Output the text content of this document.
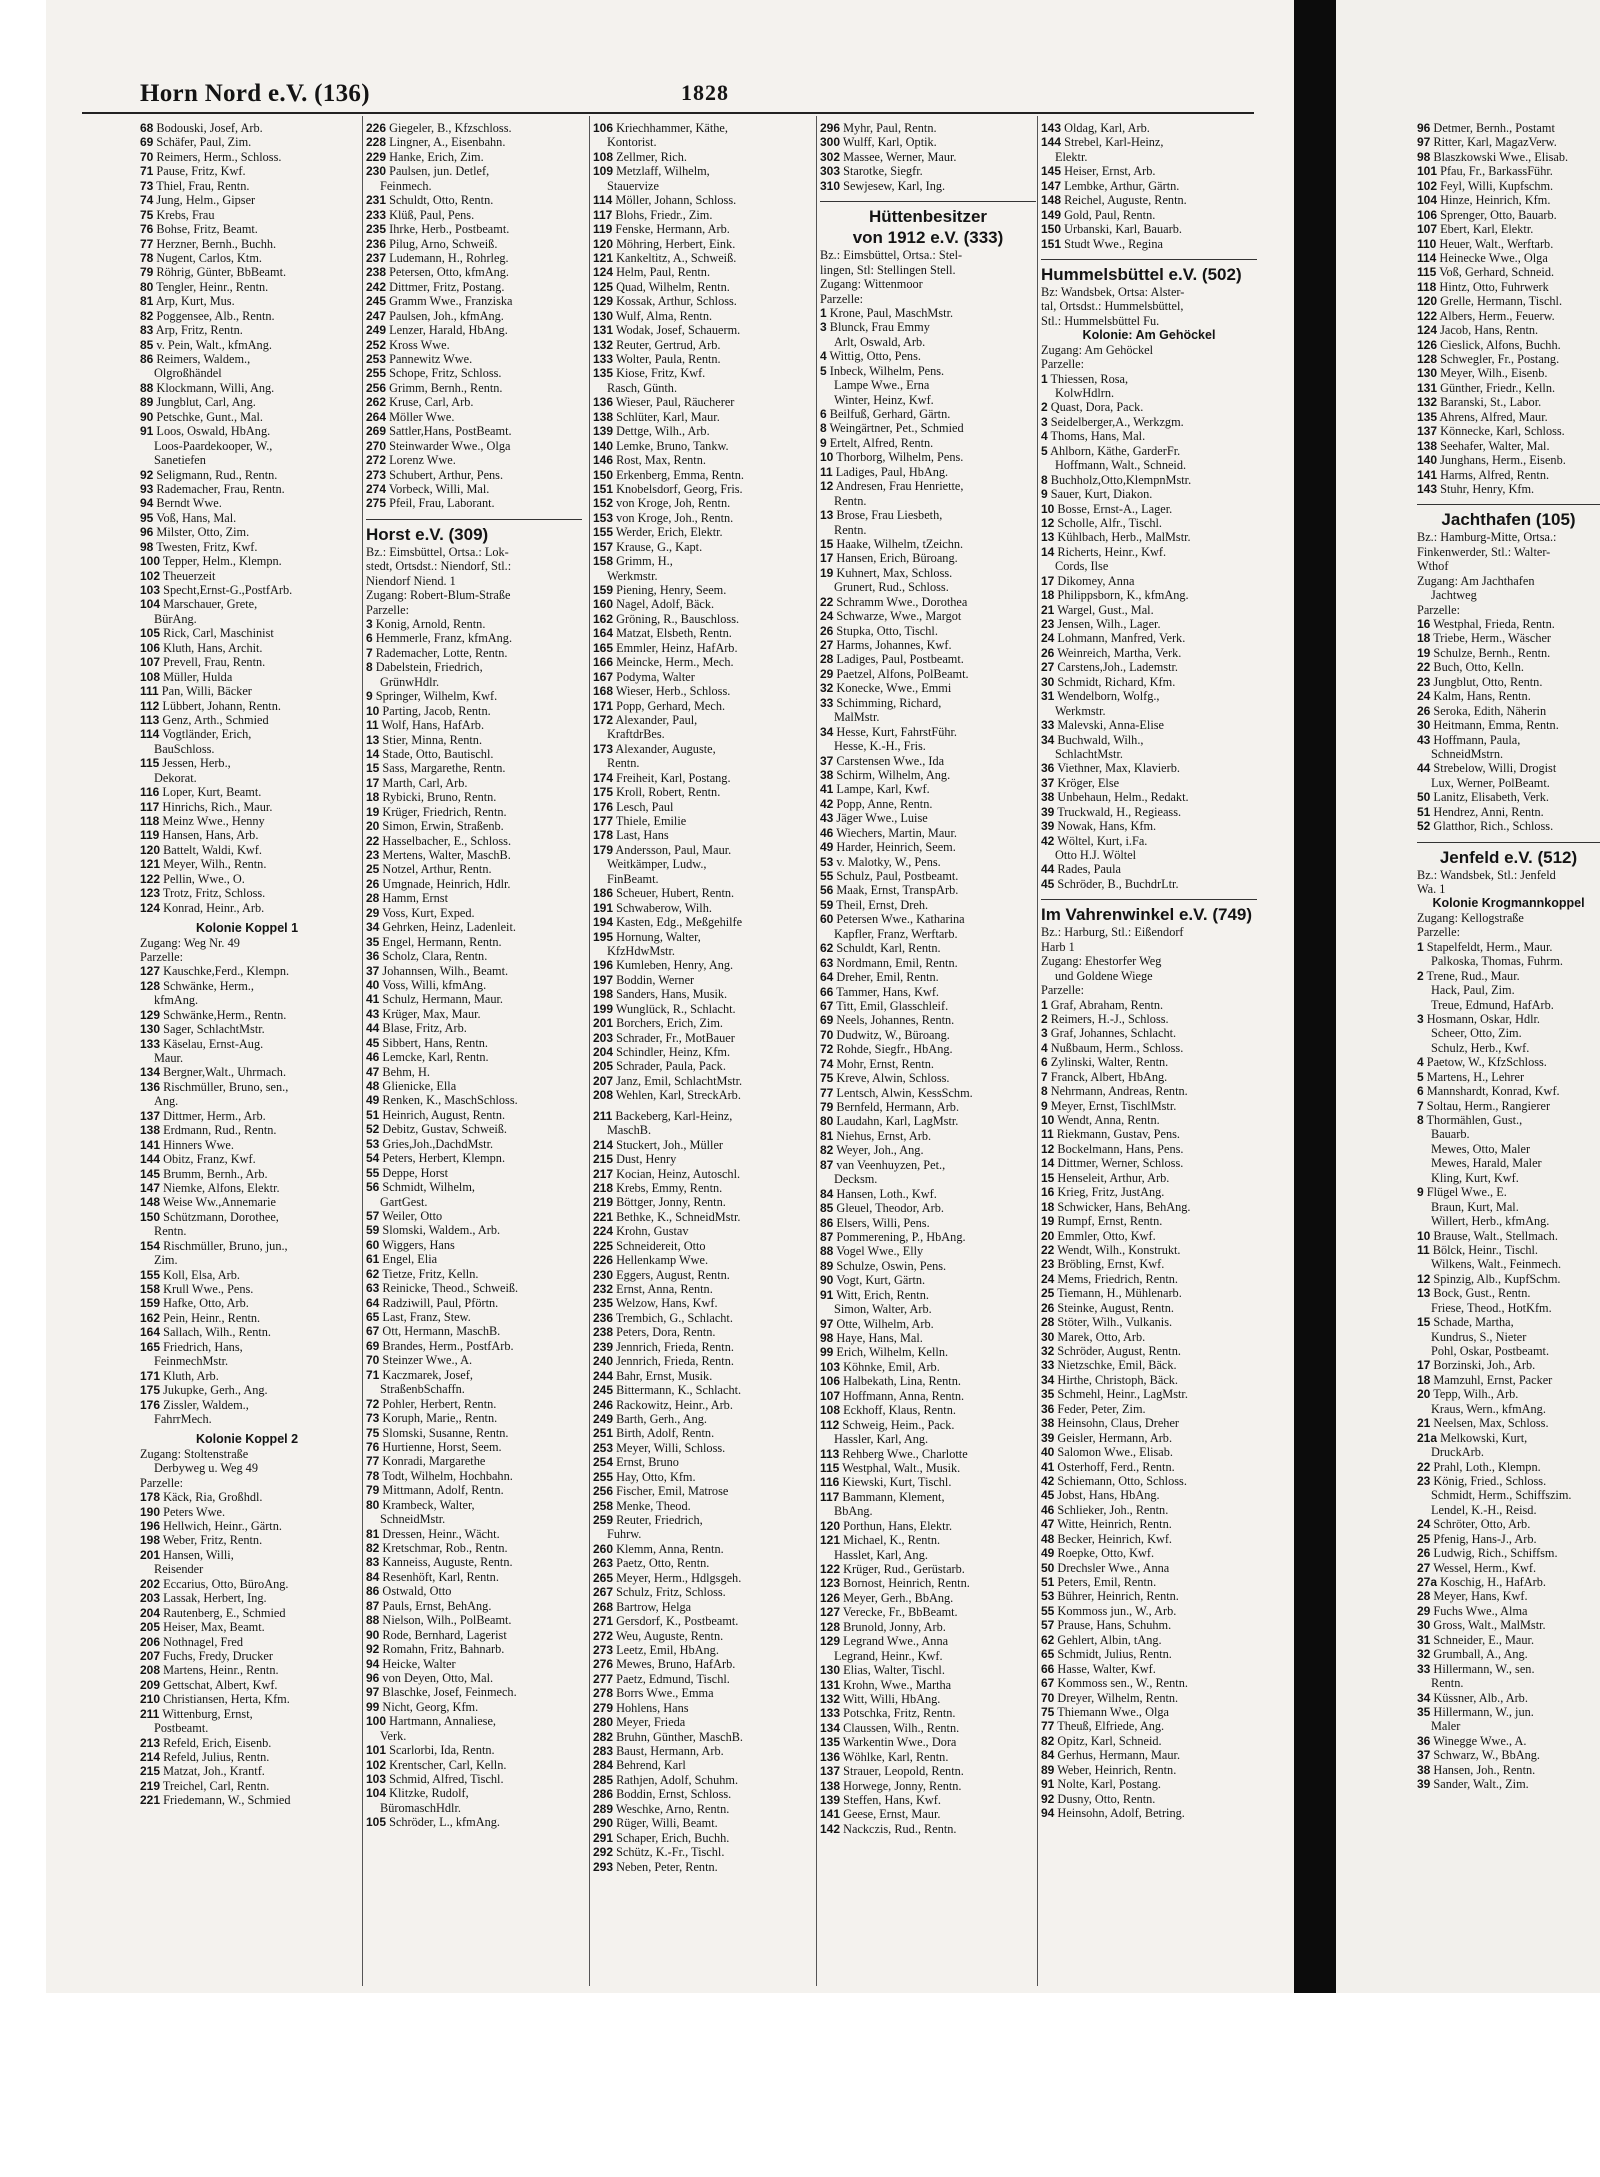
Horn Nord e.V. (136)	1828
68 Bodouski, Josef, Arb.
69 Schäfer, Paul, Zim.
70 Reimers, Herm., Schloss.
71 Pause, Fritz, Kwf.
73 Thiel, Frau, Rentn.
74 Jung, Helm., Gipser
75 Krebs, Frau
76 Bohse, Fritz, Beamt.
77 Herzner, Bernh., Buchh.
78 Nugent, Carlos, Ktm.
79 Röhrig, Günter, BbBeamt.
80 Tengler, Heinr., Rentn.
81 Arp, Kurt, Mus.
82 Poggensee, Alb., Rentn.
83 Arp, Fritz, Rentn.
85 v. Pein, Walt., kfmAng.
86 Reimers, Waldem.,
Olgroßhändel
88 Klockmann, Willi, Ang.
89 Jungblut, Carl, Ang.
90 Petschke, Gunt., Mal.
91 Loos, Oswald, HbAng.
Loos-Paardekooper, W.,
Sanetiefen
92 Seligmann, Rud., Rentn.
93 Rademacher, Frau, Rentn.
94 Berndt Wwe.
95 Voß, Hans, Mal.
96 Milster, Otto, Zim.
98 Twesten, Fritz, Kwf.
100 Tepper, Helm., Klempn.
102 Theuerzeit
103 Specht,Ernst-G.,PostfArb.
104 Marschauer, Grete,
BürAng.
105 Rick, Carl, Maschinist
106 Kluth, Hans, Archit.
107 Prevell, Frau, Rentn.
108 Müller, Hulda
111 Pan, Willi, Bäcker
112 Lübbert, Johann, Rentn.
113 Genz, Arth., Schmied
114 Vogtländer, Erich,
BauSchloss.
115 Jessen, Herb.,
Dekorat.
116 Loper, Kurt, Beamt.
117 Hinrichs, Rich., Maur.
118 Meinz Wwe., Henny
119 Hansen, Hans, Arb.
120 Battelt, Waldi, Kwf.
121 Meyer, Wilh., Rentn.
122 Pellin, Wwe., O.
123 Trotz, Fritz, Schloss.
124 Konrad, Heinr., Arb.
Kolonie Koppel 1
Zugang: Weg Nr. 49
Parzelle:
127 Kauschke,Ferd., Klempn.
128 Schwänke, Herm.,
kfmAng.
129 Schwänke,Herm., Rentn.
130 Sager, SchlachtMstr.
133 Käselau, Ernst-Aug.
Maur.
134 Bergner,Walt., Uhrmach.
136 Rischmüller, Bruno, sen.,
Ang.
137 Dittmer, Herm., Arb.
138 Erdmann, Rud., Rentn.
141 Hinners Wwe.
144 Obitz, Franz, Kwf.
145 Brumm, Bernh., Arb.
147 Niemke, Alfons, Elektr.
148 Weise Ww.,Annemarie
150 Schützmann, Dorothee,
Rentn.
154 Rischmüller, Bruno, jun.,
Zim.
155 Koll, Elsa, Arb.
158 Krull Wwe., Pens.
159 Hafke, Otto, Arb.
162 Pein, Heinr., Rentn.
164 Sallach, Wilh., Rentn.
165 Friedrich, Hans,
FeinmechMstr.
171 Kluth, Arb.
175 Jukupke, Gerh., Ang.
176 Zissler, Waldem.,
FahrrMech.
Kolonie Koppel 2
Zugang: Stoltenstraße
Derbyweg u. Weg 49
Parzelle:
178 Käck, Ria, Großhdl.
190 Peters Wwe.
196 Hellwich, Heinr., Gärtn.
198 Weber, Fritz, Rentn.
201 Hansen, Willi,
Reisender
202 Eccarius, Otto, BüroAng.
203 Lassak, Herbert, Ing.
204 Rautenberg, E., Schmied
205 Heiser, Max, Beamt.
206 Nothnagel, Fred
207 Fuchs, Fredy, Drucker
208 Martens, Heinr., Rentn.
209 Gettschat, Albert, Kwf.
210 Christiansen, Herta, Kfm.
211 Wittenburg, Ernst,
Postbeamt.
213 Refeld, Erich, Eisenb.
214 Refeld, Julius, Rentn.
215 Matzat, Joh., Krantf.
219 Treichel, Carl, Rentn.
221 Friedemann, W., Schmied
226 Giegeler, B., Kfzschloss.
228 Lingner, A., Eisenbahn.
229 Hanke, Erich, Zim.
230 Paulsen, jun. Detlef,
Feinmech.
231 Schuldt, Otto, Rentn.
233 Klüß, Paul, Pens.
235 Ihrke, Herb., Postbeamt.
236 Pilug, Arno, Schweiß.
237 Ludemann, H., Rohrleg.
238 Petersen, Otto, kfmAng.
242 Dittmer, Fritz, Postang.
245 Gramm Wwe., Franziska
247 Paulsen, Joh., kfmAng.
249 Lenzer, Harald, HbAng.
252 Kross Wwe.
253 Pannewitz Wwe.
255 Schope, Fritz, Schloss.
256 Grimm, Bernh., Rentn.
262 Kruse, Carl, Arb.
264 Möller Wwe.
269 Sattler,Hans, PostBeamt.
270 Steinwarder Wwe., Olga
272 Lorenz Wwe.
273 Schubert, Arthur, Pens.
274 Vorbeck, Willi, Mal.
275 Pfeil, Frau, Laborant.
Horst e.V. (309)
Bz.: Eimsbüttel, Ortsa.: Lok-
stedt, Ortsdst.: Niendorf, Stl.:
Niendorf Niend. 1
Zugang: Robert-Blum-Straße
Parzelle:
3 Konig, Arnold, Rentn.
6 Hemmerle, Franz, kfmAng.
7 Rademacher, Lotte, Rentn.
8 Dabelstein, Friedrich,
GrünwHdlr.
9 Springer, Wilhelm, Kwf.
10 Parting, Jacob, Rentn.
11 Wolf, Hans, HafArb.
13 Stier, Minna, Rentn.
14 Stade, Otto, Bautischl.
15 Sass, Margarethe, Rentn.
17 Marth, Carl, Arb.
18 Rybicki, Bruno, Rentn.
19 Krüger, Friedrich, Rentn.
20 Simon, Erwin, Straßenb.
22 Hasselbacher, E., Schloss.
23 Mertens, Walter, MaschB.
25 Notzel, Arthur, Rentn.
26 Umgnade, Heinrich, Hdlr.
28 Hamm, Ernst
29 Voss, Kurt, Exped.
34 Gehrken, Heinz, Ladenleit.
35 Engel, Hermann, Rentn.
36 Scholz, Clara, Rentn.
37 Johannsen, Wilh., Beamt.
40 Voss, Willi, kfmAng.
41 Schulz, Hermann, Maur.
43 Krüger, Max, Maur.
44 Blase, Fritz, Arb.
45 Sibbert, Hans, Rentn.
46 Lemcke, Karl, Rentn.
47 Behm, H.
48 Glienicke, Ella
49 Renken, K., MaschSchloss.
51 Heinrich, August, Rentn.
52 Debitz, Gustav, Schweiß.
53 Gries,Joh.,DachdMstr.
54 Peters, Herbert, Klempn.
55 Deppe, Horst
56 Schmidt, Wilhelm,
GartGest.
57 Weiler, Otto
59 Slomski, Waldem., Arb.
60 Wiggers, Hans
61 Engel, Elia
62 Tietze, Fritz, Kelln.
63 Reinicke, Theod., Schweiß.
64 Radziwill, Paul, Pförtn.
65 Last, Franz, Stew.
67 Ott, Hermann, MaschB.
69 Brandes, Herm., PostfArb.
70 Steinzer Wwe., A.
71 Kaczmarek, Josef,
StraßenbSchaffn.
72 Pohler, Herbert, Rentn.
73 Koruph, Marie,, Rentn.
75 Slomski, Susanne, Rentn.
76 Hurtienne, Horst, Seem.
77 Konradi, Margarethe
78 Todt, Wilhelm, Hochbahn.
79 Mittmann, Adolf, Rentn.
80 Krambeck, Walter,
SchneidMstr.
81 Dressen, Heinr., Wächt.
82 Kretschmar, Rob., Rentn.
83 Kanneiss, Auguste, Rentn.
84 Resenhöft, Karl, Rentn.
86 Ostwald, Otto
87 Pauls, Ernst, BehAng.
88 Nielson, Wilh., PolBeamt.
90 Rode, Bernhard, Lagerist
92 Romahn, Fritz, Bahnarb.
94 Heicke, Walter
96 von Deyen, Otto, Mal.
97 Blaschke, Josef, Feinmech.
99 Nicht, Georg, Kfm.
100 Hartmann, Annaliese,
Verk.
101 Scarlorbi, Ida, Rentn.
102 Krentscher, Carl, Kelln.
103 Schmid, Alfred, Tischl.
104 Klitzke, Rudolf,
BüromaschHdlr.
105 Schröder, L., kfmAng.
106 Kriechhammer, Käthe,
Kontorist.
108 Zellmer, Rich.
109 Metzlaff, Wilhelm,
Stauervize
114 Möller, Johann, Schloss.
117 Blohs, Friedr., Zim.
119 Fenske, Hermann, Arb.
120 Möhring, Herbert, Eink.
121 Kankeltitz, A., Schweiß.
124 Helm, Paul, Rentn.
125 Quad, Wilhelm, Rentn.
129 Kossak, Arthur, Schloss.
130 Wulf, Alma, Rentn.
131 Wodak, Josef, Schauerm.
132 Reuter, Gertrud, Arb.
133 Wolter, Paula, Rentn.
135 Kiose, Fritz, Kwf.
Rasch, Günth.
136 Wieser, Paul, Räucherer
138 Schlüter, Karl, Maur.
139 Dettge, Wilh., Arb.
140 Lemke, Bruno, Tankw.
146 Rost, Max, Rentn.
150 Erkenberg, Emma, Rentn.
151 Knobelsdorf, Georg, Fris.
152 von Kroge, Joh, Rentn.
153 von Kroge, Joh., Rentn.
155 Werder, Erich, Elektr.
157 Krause, G., Kapt.
158 Grimm, H.,
Werkmstr.
159 Piening, Henry, Seem.
160 Nagel, Adolf, Bäck.
162 Gröning, R., Bauschloss.
164 Matzat, Elsbeth, Rentn.
165 Emmler, Heinz, HafArb.
166 Meincke, Herm., Mech.
167 Podyma, Walter
168 Wieser, Herb., Schloss.
171 Popp, Gerhard, Mech.
172 Alexander, Paul,
KraftdrBes.
173 Alexander, Auguste,
Rentn.
174 Freiheit, Karl, Postang.
175 Kroll, Robert, Rentn.
176 Lesch, Paul
177 Thiele, Emilie
178 Last, Hans
179 Andersson, Paul, Maur.
Weitkämper, Ludw.,
FinBeamt.
186 Scheuer, Hubert, Rentn.
191 Schwaberow, Wilh.
194 Kasten, Edg., Meßgehilfe
195 Hornung, Walter,
KfzHdwMstr.
196 Kumleben, Henry, Ang.
197 Boddin, Werner
198 Sanders, Hans, Musik.
199 Wunglück, R., Schlacht.
201 Borchers, Erich, Zim.
203 Schrader, Fr., MotBauer
204 Schindler, Heinz, Kfm.
205 Schrader, Paula, Pack.
207 Janz, Emil, SchlachtMstr.
208 Wehlen, Karl, StreckArb.
211 Backeberg, Karl-Heinz,
MaschB.
214 Stuckert, Joh., Müller
215 Dust, Henry
217 Kocian, Heinz, Autoschl.
218 Krebs, Emmy, Rentn.
219 Böttger, Jonny, Rentn.
221 Bethke, K., SchneidMstr.
224 Krohn, Gustav
225 Schneidereit, Otto
226 Hellenkamp Wwe.
230 Eggers, August, Rentn.
232 Ernst, Anna, Rentn.
235 Welzow, Hans, Kwf.
236 Trembich, G., Schlacht.
238 Peters, Dora, Rentn.
239 Jennrich, Frieda, Rentn.
240 Jennrich, Frieda, Rentn.
244 Bahr, Ernst, Musik.
245 Bittermann, K., Schlacht.
246 Rackowitz, Heinr., Arb.
249 Barth, Gerh., Ang.
251 Birth, Adolf, Rentn.
253 Meyer, Willi, Schloss.
254 Ernst, Bruno
255 Hay, Otto, Kfm.
256 Fischer, Emil, Matrose
258 Menke, Theod.
259 Reuter, Friedrich,
Fuhrw.
260 Klemm, Anna, Rentn.
263 Paetz, Otto, Rentn.
265 Meyer, Herm., Hdlgsgeh.
267 Schulz, Fritz, Schloss.
268 Bartrow, Helga
271 Gersdorf, K., Postbeamt.
272 Weu, Auguste, Rentn.
273 Leetz, Emil, HbAng.
276 Mewes, Bruno, HafArb.
277 Paetz, Edmund, Tischl.
278 Borrs Wwe., Emma
279 Hohlens, Hans
280 Meyer, Frieda
282 Bruhn, Günther, MaschB.
283 Baust, Hermann, Arb.
284 Behrend, Karl
285 Rathjen, Adolf, Schuhm.
286 Boddin, Ernst, Schloss.
289 Weschke, Arno, Rentn.
290 Rüger, Willi, Beamt.
291 Schaper, Erich, Buchh.
292 Schütz, K.-Fr., Tischl.
293 Neben, Peter, Rentn.
296 Myhr, Paul, Rentn.
300 Wulff, Karl, Optik.
302 Massee, Werner, Maur.
303 Starotke, Siegfr.
310 Sewjesew, Karl, Ing.
Hüttenbesitzer
von 1912 e.V. (333)
Bz.: Eimsbüttel, Ortsa.: Stel-
lingen, Stl: Stellingen Stell.
Zugang: Wittenmoor
Parzelle:
1 Krone, Paul, MaschMstr.
3 Blunck, Frau Emmy
Arlt, Oswald, Arb.
4 Wittig, Otto, Pens.
5 Inbeck, Wilhelm, Pens.
Lampe Wwe., Erna
Winter, Heinz, Kwf.
6 Beilfuß, Gerhard, Gärtn.
8 Weingärtner, Pet., Schmied
9 Ertelt, Alfred, Rentn.
10 Thorborg, Wilhelm, Pens.
11 Ladiges, Paul, HbAng.
12 Andresen, Frau Henriette,
Rentn.
13 Brose, Frau Liesbeth,
Rentn.
15 Haake, Wilhelm, tZeichn.
17 Hansen, Erich, Büroang.
19 Kuhnert, Max, Schloss.
Grunert, Rud., Schloss.
22 Schramm Wwe., Dorothea
24 Schwarze, Wwe., Margot
26 Stupka, Otto, Tischl.
27 Harms, Johannes, Kwf.
28 Ladiges, Paul, Postbeamt.
29 Paetzel, Alfons, PolBeamt.
32 Konecke, Wwe., Emmi
33 Schimming, Richard,
MalMstr.
34 Hesse, Kurt, FahrstFühr.
Hesse, K.-H., Fris.
37 Carstensen Wwe., Ida
38 Schirm, Wilhelm, Ang.
41 Lampe, Karl, Kwf.
42 Popp, Anne, Rentn.
43 Jäger Wwe., Luise
46 Wiechers, Martin, Maur.
49 Harder, Heinrich, Seem.
53 v. Malotky, W., Pens.
55 Schulz, Paul, Postbeamt.
56 Maak, Ernst, TranspArb.
59 Theil, Ernst, Dreh.
60 Petersen Wwe., Katharina
Kapfler, Franz, Werftarb.
62 Schuldt, Karl, Rentn.
63 Nordmann, Emil, Rentn.
64 Dreher, Emil, Rentn.
66 Tammer, Hans, Kwf.
67 Titt, Emil, Glasschleif.
69 Neels, Johannes, Rentn.
70 Dudwitz, W., Büroang.
72 Rohde, Siegfr., HbAng.
74 Mohr, Ernst, Rentn.
75 Kreve, Alwin, Schloss.
77 Lentsch, Alwin, KessSchm.
79 Bernfeld, Hermann, Arb.
80 Laudahn, Karl, LagMstr.
81 Niehus, Ernst, Arb.
82 Weyer, Joh., Ang.
87 van Veenhuyzen, Pet.,
Decksm.
84 Hansen, Loth., Kwf.
85 Gleuel, Theodor, Arb.
86 Elsers, Willi, Pens.
87 Pommerening, P., HbAng.
88 Vogel Wwe., Elly
89 Schulze, Oswin, Pens.
90 Vogt, Kurt, Gärtn.
91 Witt, Erich, Rentn.
Simon, Walter, Arb.
97 Otte, Wilhelm, Arb.
98 Haye, Hans, Mal.
99 Erich, Wilhelm, Kelln.
103 Köhnke, Emil, Arb.
106 Halbekath, Lina, Rentn.
107 Hoffmann, Anna, Rentn.
108 Eckhoff, Klaus, Rentn.
112 Schweig, Heim., Pack.
Hassler, Karl, Ang.
113 Rehberg Wwe., Charlotte
115 Westphal, Walt., Musik.
116 Kiewski, Kurt, Tischl.
117 Bammann, Klement,
BbAng.
120 Porthun, Hans, Elektr.
121 Michael, K., Rentn.
Hasslet, Karl, Ang.
122 Krüger, Rud., Gerüstarb.
123 Bornost, Heinrich, Rentn.
126 Meyer, Gerh., BbAng.
127 Verecke, Fr., BbBeamt.
128 Brunold, Jonny, Arb.
129 Legrand Wwe., Anna
Legrand, Heinr., Kwf.
130 Elias, Walter, Tischl.
131 Krohn, Wwe., Martha
132 Witt, Willi, HbAng.
133 Potschka, Fritz, Rentn.
134 Claussen, Wilh., Rentn.
135 Warkentin Wwe., Dora
136 Wöhlke, Karl, Rentn.
137 Strauer, Leopold, Rentn.
138 Horwege, Jonny, Rentn.
139 Steffen, Hans, Kwf.
141 Geese, Ernst, Maur.
142 Nackczis, Rud., Rentn.
143 Oldag, Karl, Arb.
144 Strebel, Karl-Heinz,
Elektr.
145 Heiser, Ernst, Arb.
147 Lembke, Arthur, Gärtn.
148 Reichel, Auguste, Rentn.
149 Gold, Paul, Rentn.
150 Urbanski, Karl, Bauarb.
151 Studt Wwe., Regina
Hummelsbüttel e.V. (502)
Bz: Wandsbek, Ortsa: Alster-
tal, Ortsdst.: Hummelsbüttel,
Stl.: Hummelsbüttel Fu.
Kolonie: Am Gehöckel
Zugang: Am Gehöckel
Parzelle:
1 Thiessen, Rosa,
KolwHdlrn.
2 Quast, Dora, Pack.
3 Seidelberger,A., Werkzgm.
4 Thoms, Hans, Mal.
5 Ahlborn, Käthe, GarderFr.
Hoffmann, Walt., Schneid.
8 Buchholz,Otto,KlempnMstr.
9 Sauer, Kurt, Diakon.
10 Bosse, Ernst-A., Lager.
12 Scholle, Alfr., Tischl.
13 Kühlbach, Herb., MalMstr.
14 Richerts, Heinr., Kwf.
Cords, Ilse
17 Dikomey, Anna
18 Philippsborn, K., kfmAng.
21 Wargel, Gust., Mal.
23 Jensen, Wilh., Lager.
24 Lohmann, Manfred, Verk.
26 Weinreich, Martha, Verk.
27 Carstens,Joh., Lademstr.
30 Schmidt, Richard, Kfm.
31 Wendelborn, Wolfg.,
Werkmstr.
33 Malevski, Anna-Elise
34 Buchwald, Wilh.,
SchlachtMstr.
36 Viethner, Max, Klavierb.
37 Kröger, Else
38 Unbehaun, Helm., Redakt.
39 Truckwald, H., Regieass.
39 Nowak, Hans, Kfm.
42 Wöltel, Kurt, i.Fa.
Otto H.J. Wöltel
44 Rades, Paula
45 Schröder, B., BuchdrLtr.
Im Vahrenwinkel e.V. (749)
Bz.: Harburg, Stl.: Eißendorf
Harb 1
Zugang: Ehestorfer Weg
und Goldene Wiege
Parzelle:
1 Graf, Abraham, Rentn.
2 Reimers, H.-J., Schloss.
3 Graf, Johannes, Schlacht.
4 Nußbaum, Herm., Schloss.
6 Zylinski, Walter, Rentn.
7 Franck, Albert, HbAng.
8 Nehrmann, Andreas, Rentn.
9 Meyer, Ernst, TischlMstr.
10 Wendt, Anna, Rentn.
11 Riekmann, Gustav, Pens.
12 Bockelmann, Hans, Pens.
14 Dittmer, Werner, Schloss.
15 Henseleit, Arthur, Arb.
16 Krieg, Fritz, JustAng.
18 Schwicker, Hans, BehAng.
19 Rumpf, Ernst, Rentn.
20 Emmler, Otto, Kwf.
22 Wendt, Wilh., Konstrukt.
23 Bröbling, Ernst, Kwf.
24 Mems, Friedrich, Rentn.
25 Tiemann, H., Mühlenarb.
26 Steinke, August, Rentn.
28 Stöter, Wilh., Vulkanis.
30 Marek, Otto, Arb.
32 Schröder, August, Rentn.
33 Nietzschke, Emil, Bäck.
34 Hirthe, Christoph, Bäck.
35 Schmehl, Heinr., LagMstr.
36 Feder, Peter, Zim.
38 Heinsohn, Claus, Dreher
39 Geisler, Hermann, Arb.
40 Salomon Wwe., Elisab.
41 Osterhoff, Ferd., Rentn.
42 Schiemann, Otto, Schloss.
45 Jobst, Hans, HbAng.
46 Schlieker, Joh., Rentn.
47 Witte, Heinrich, Rentn.
48 Becker, Heinrich, Kwf.
49 Roepke, Otto, Kwf.
50 Drechsler Wwe., Anna
51 Peters, Emil, Rentn.
53 Bührer, Heinrich, Rentn.
55 Kommoss jun., W., Arb.
57 Prause, Hans, Schuhm.
62 Gehlert, Albin, tAng.
65 Schmidt, Julius, Rentn.
66 Hasse, Walter, Kwf.
67 Kommoss sen., W., Rentn.
70 Dreyer, Wilhelm, Rentn.
75 Thiemann Wwe., Olga
77 Theuß, Elfriede, Ang.
82 Opitz, Karl, Schneid.
84 Gerhus, Hermann, Maur.
89 Weber, Heinrich, Rentn.
91 Nolte, Karl, Postang.
92 Dusny, Otto, Rentn.
94 Heinsohn, Adolf, Betring.
96 Detmer, Bernh., Postamt
97 Ritter, Karl, MagazVerw.
98 Blaszkowski Wwe., Elisab.
101 Pfau, Fr., BarkassFühr.
102 Feyl, Willi, Kupfschm.
104 Hinze, Heinrich, Kfm.
106 Sprenger, Otto, Bauarb.
107 Ebert, Karl, Elektr.
110 Heuer, Walt., Werftarb.
114 Heinecke Wwe., Olga
115 Voß, Gerhard, Schneid.
118 Hintz, Otto, Fuhrwerk
120 Grelle, Hermann, Tischl.
122 Albers, Herm., Feuerw.
124 Jacob, Hans, Rentn.
126 Cieslick, Alfons, Buchh.
128 Schwegler, Fr., Postang.
130 Meyer, Wilh., Eisenb.
131 Günther, Friedr., Kelln.
132 Baranski, St., Labor.
135 Ahrens, Alfred, Maur.
137 Könnecke, Karl, Schloss.
138 Seehafer, Walter, Mal.
140 Junghans, Herm., Eisenb.
141 Harms, Alfred, Rentn.
143 Stuhr, Henry, Kfm.
Jachthafen (105)
Bz.: Hamburg-Mitte, Ortsa.:
Finkenwerder, Stl.: Walter-
Wthof
Zugang: Am Jachthafen
Jachtweg
Parzelle:
16 Westphal, Frieda, Rentn.
18 Triebe, Herm., Wäscher
19 Schulze, Bernh., Rentn.
22 Buch, Otto, Kelln.
23 Jungblut, Otto, Rentn.
24 Kalm, Hans, Rentn.
26 Seroka, Edith, Näherin
30 Heitmann, Emma, Rentn.
43 Hoffmann, Paula,
SchneidMstrn.
44 Strebelow, Willi, Drogist
Lux, Werner, PolBeamt.
50 Lanitz, Elisabeth, Verk.
51 Hendrez, Anni, Rentn.
52 Glatthor, Rich., Schloss.
Jenfeld e.V. (512)
Bz.: Wandsbek, Stl.: Jenfeld
Wa. 1
Kolonie Krogmannkoppel
Zugang: Kellogstraße
Parzelle:
1 Stapelfeldt, Herm., Maur.
Palkoska, Thomas, Fuhrm.
2 Trene, Rud., Maur.
Hack, Paul, Zim.
Treue, Edmund, HafArb.
3 Hosmann, Oskar, Hdlr.
Scheer, Otto, Zim.
Schulz, Herb., Kwf.
4 Paetow, W., KfzSchloss.
5 Martens, H., Lehrer
6 Mannshardt, Konrad, Kwf.
7 Soltau, Herm., Rangierer
8 Thormählen, Gust.,
Bauarb.
Mewes, Otto, Maler
Mewes, Harald, Maler
Kling, Kurt, Kwf.
9 Flügel Wwe., E.
Braun, Kurt, Mal.
Willert, Herb., kfmAng.
10 Brause, Walt., Stellmach.
11 Bölck, Heinr., Tischl.
Wilkens, Walt., Feinmech.
12 Spinzig, Alb., KupfSchm.
13 Bock, Gust., Rentn.
Friese, Theod., HotKfm.
15 Schade, Martha,
Kundrus, S., Nieter
Pohl, Oskar, Postbeamt.
17 Borzinski, Joh., Arb.
18 Mamzuhl, Ernst, Packer
20 Tepp, Wilh., Arb.
Kraus, Wern., kfmAng.
21 Neelsen, Max, Schloss.
21a Melkowski, Kurt,
DruckArb.
22 Prahl, Loth., Klempn.
23 König, Fried., Schloss.
Schmidt, Herm., Schiffszim.
Lendel, K.-H., Reisd.
24 Schröter, Otto, Arb.
25 Pfenig, Hans-J., Arb.
26 Ludwig, Rich., Schiffsm.
27 Wessel, Herm., Kwf.
27a Koschig, H., HafArb.
28 Meyer, Hans, Kwf.
29 Fuchs Wwe., Alma
30 Gross, Walt., MalMstr.
31 Schneider, E., Maur.
32 Grumball, A., Ang.
33 Hillermann, W., sen.
Rentn.
34 Küssner, Alb., Arb.
35 Hillermann, W., jun.
Maler
36 Winegge Wwe., A.
37 Schwarz, W., BbAng.
38 Hansen, Joh., Rentn.
39 Sander, Walt., Zim.
